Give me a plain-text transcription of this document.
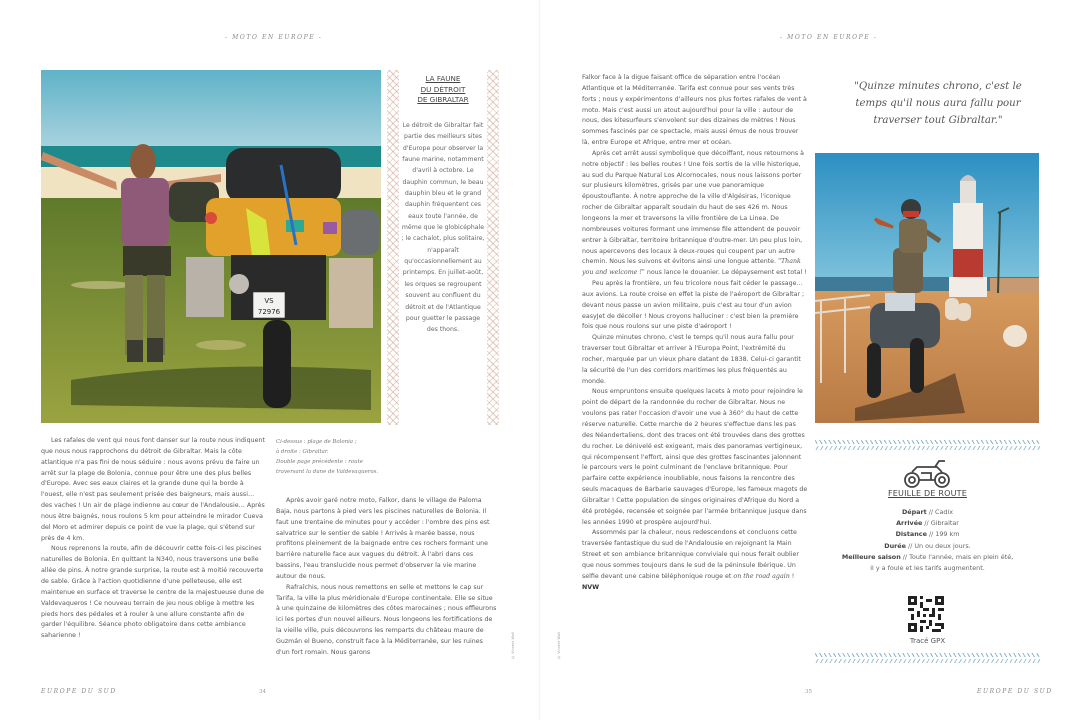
- MOTO EN EUROPE -
VS
72976
LA FAUNE
DU DÉTROIT
DE GIBRALTAR
Le détroit de Gibraltar fait partie des meilleurs sites d'Europe pour observer la faune marine, notamment d'avril à octobre. Le dauphin commun, le beau dauphin bleu et le grand dauphin fréquentent ces eaux toute l'année, de même que le globicéphale ; le cachalot, plus solitaire, n'apparaît qu'occasionnellement au printemps. En juillet-août, les orques se regroupent souvent au confluent du détroit et de l'Atlantique pour guetter le passage des thons.

Les rafales de vent qui nous font danser sur la route nous indiquent que nous nous rapprochons du détroit de Gibraltar. Mais la côte atlantique n'a pas fini de nous séduire : nous avons prévu de faire un arrêt sur la plage de Bolonia, connue pour être une des plus belles d'Europe. Avec ses eaux claires et la grande dune qui la borde à l'ouest, elle n'est pas seulement prisée des baigneurs, mais aussi… des vaches ! Un air de plage indienne au cœur de l'Andalousie… Après nous être baignés, nous roulons 5 km pour atteindre le mirador Cueva del Moro et admirer depuis ce point de vue la plage, qui s'étend sur près de 4 km.

Nous reprenons la route, afin de découvrir cette fois-ci les piscines naturelles de Bolonia. En quittant la N340, nous traversons une belle allée de pins. À notre grande surprise, la route est à moitié recouverte de sable. Grâce à l'action quotidienne d'une pelleteuse, elle est maintenue en surface et traverse le centre de la majestueuse dune de Valdevaqueros ! Ce nouveau terrain de jeu nous oblige à mettre les pieds hors des pédales et à rouler à une allure constante afin de garder l'équilibre. Séance photo obligatoire dans cette ambiance saharienne !

Ci-dessus : plage de Bolonia ;
à droite : Gibraltar.
Double page précédente : route
traversant la dune de Valdevaqueros.

Après avoir garé notre moto, Falkor, dans le village de Paloma Baja, nous partons à pied vers les piscines naturelles de Bolonia. Il faut une trentaine de minutes pour y accéder : l'ombre des pins est salvatrice sur le sentier de sable ! Arrivés à marée basse, nous profitons pleinement de la baignade entre ces rochers formant une barrière naturelle face aux vagues du détroit. À l'abri dans ces bassins, l'eau translucide nous permet d'observer la vie marine autour de nous.

Rafraîchis, nous nous remettons en selle et mettons le cap sur Tarifa, la ville la plus méridionale d'Europe continentale. Elle se situe à une quinzaine de kilomètres des côtes marocaines ; nous effleurons ici les portes d'un nouvel ailleurs. Nous longeons les fortifications de la vieille ville, puis découvrons les remparts du château maure de Guzmán el Bueno, construit face à la Méditerranée, sur les ruines d'un fort romain. Nous garons	© Vincent Wull
EUROPE DU SUD	34
- MOTO EN EUROPE -
© Vincent Wull
35	EUROPE DU SUD

Falkor face à la digue faisant office de séparation entre l'océan Atlantique et la Méditerranée. Tarifa est connue pour ses vents très forts ; nous y expérimentons d'ailleurs nos plus fortes rafales de vent à moto. Mais c'est aussi un atout aujourd'hui pour la ville : autour de nous, des kitesurfeurs s'envolent sur des dizaines de mètres ! Nous sommes fascinés par ce spectacle, mais aussi émus de nous trouver là, entre Europe et Afrique, entre mer et océan.

Après cet arrêt aussi symbolique que décoiffant, nous retournons à notre objectif : les belles routes ! Une fois sortis de la ville historique, au sud du Parque Natural Los Alcornocales, nous nous laissons porter sur plusieurs kilomètres, grisés par une vue panoramique époustouflante. À notre approche de la ville d'Algésiras, l'iconique rocher de Gibraltar apparaît soudain du haut de ses 426 m. Nous longeons la mer et traversons la ville frontière de La Linea. De nombreuses voitures formant une immense file attendent de pouvoir entrer à Gibraltar, territoire britannique d'outre-mer. Un peu plus loin, nous apercevons des locaux à deux-roues qui coupent par un autre chemin. Nous les suivons et évitons ainsi une longue attente. "Thank you and welcome !" nous lance le douanier. Le dépaysement est total !

Peu après la frontière, un feu tricolore nous fait céder le passage… aux avions. La route croise en effet la piste de l'aéroport de Gibraltar ; devant nous passe un avion militaire, puis c'est au tour d'un avion easyJet de décoller ! Nous croyons halluciner : c'est bien la première fois que nous roulons sur une piste d'aéroport !

Quinze minutes chrono, c'est le temps qu'il nous aura fallu pour traverser tout Gibraltar et arriver à l'Europa Point, l'extrémité du rocher, marquée par un vieux phare datant de 1838. Celui-ci garantit la sécurité de l'un des corridors maritimes les plus fréquentés au monde.

Nous empruntons ensuite quelques lacets à moto pour rejoindre le point de départ de la randonnée du rocher de Gibraltar. Nous ne voulons pas rater l'occasion d'avoir une vue à 360° du haut de cette réserve naturelle. Cette marche de 2 heures s'effectue dans les pas des Néandertaliens, dont des traces ont été trouvées dans des grottes du rocher. Le dénivelé est exigeant, mais des panoramas vertigineux, qui récompensent l'effort, ainsi que des grottes fascinantes jalonnent le parcours vers le point culminant de l'enclave britannique. Pour parfaire cette expérience inoubliable, nous faisons la rencontre des seuls macaques de Barbarie sauvages d'Europe, les fameux magots de Gibraltar ! Cette population de singes originaires d'Afrique du Nord a été protégée, recensée et soignée par l'armée britannique jusque dans les années 1990 et prospère aujourd'hui.

Assommés par la chaleur, nous redescendons et concluons cette traversée fantastique du sud de l'Andalousie en rejoignant la Main Street et son ambiance britannique conviviale qui nous ferait oublier que nous sommes toujours dans le sud de la péninsule Ibérique. Un selfie devant une cabine téléphonique rouge et on the road again ! NVW

"Quinze minutes chrono, c'est le temps qu'il nous aura fallu pour traverser tout Gibraltar."
FEUILLE DE ROUTE
Départ // Cadix
Arrivée // Gibraltar
Distance // 199 km
Durée // Un ou deux jours.
Meilleure saison // Toute l'année, mais en plein été,
il y a foule et les tarifs augmentent.
Tracé GPX
